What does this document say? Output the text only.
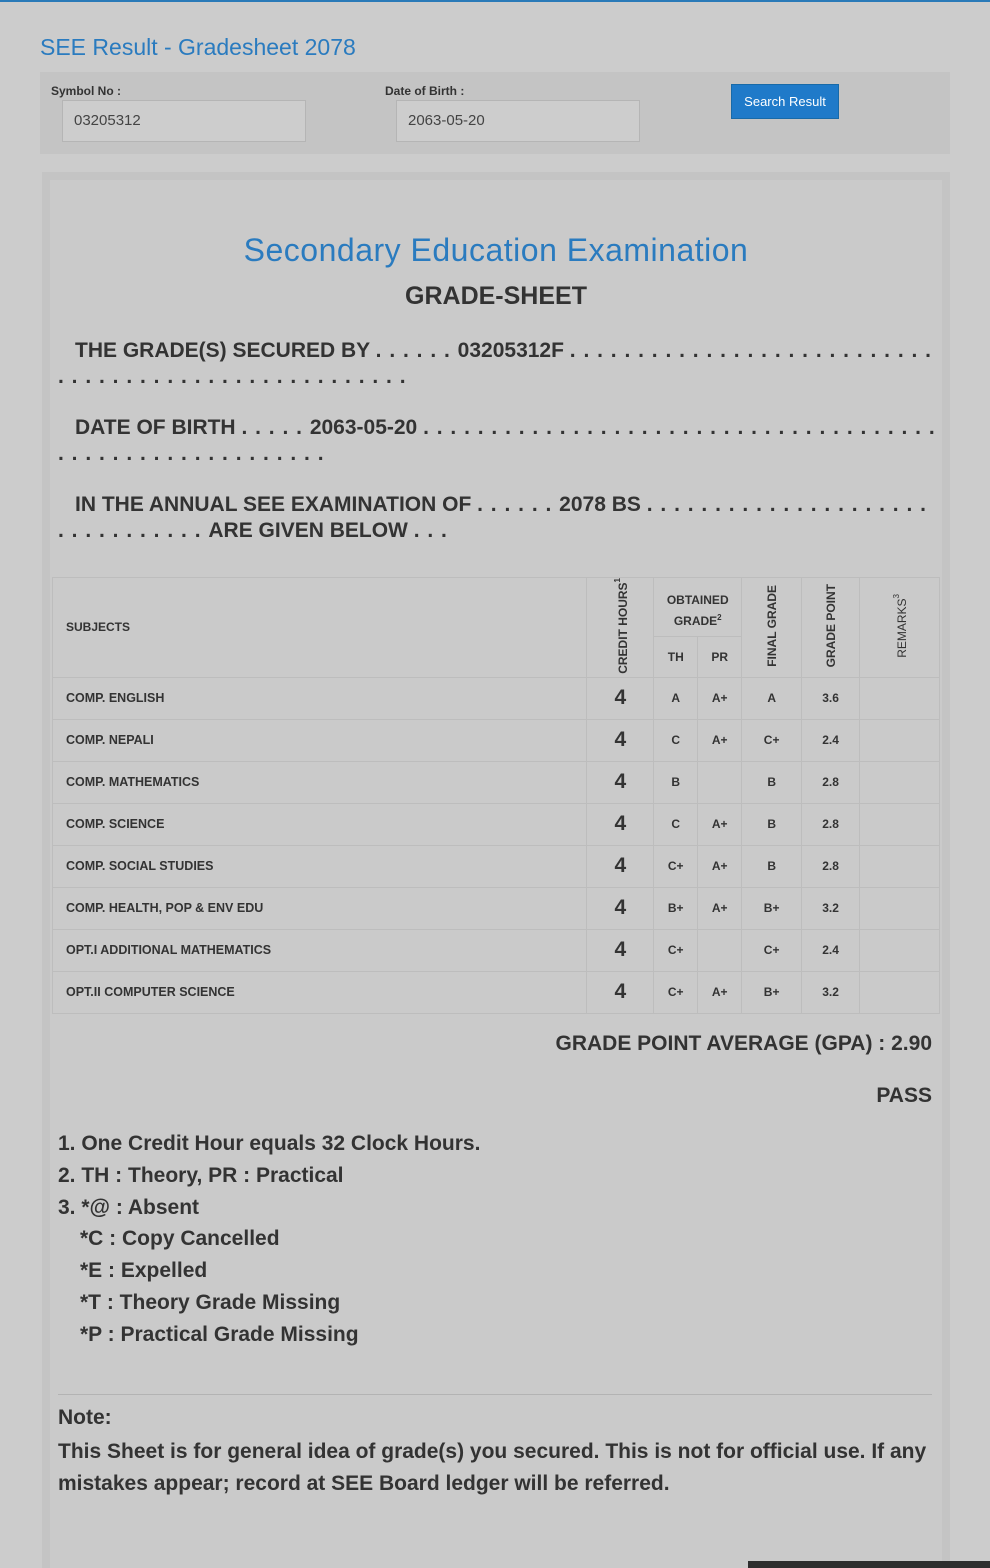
SEE Result - Gradesheet 2078
Symbol No :
03205312
Date of Birth :
2063-05-20
Search Result
Secondary Education Examination
GRADE-SHEET
THE GRADE(S) SECURED BY . . . . . . 03205312F . . . . . . . . . . . . . . . . . . . . . . . . . . . . . . . . . . . . . . . . . . . . . . . . . . . . .
DATE OF BIRTH . . . . . 2063-05-20 . . . . . . . . . . . . . . . . . . . . . . . . . . . . . . . . . . . . . . . . . . . . . . . . . . . . . . . . . .
IN THE ANNUAL SEE EXAMINATION OF . . . . . . 2078 BS . . . . . . . . . . . . . . . . . . . . . . . . . . . . . . . . ARE GIVEN BELOW . . .
SUBJECTS	CREDIT HOURS$^1$	OBTAINED GRADE$^2$		FINAL GRADE	GRADE POINT	REMARKS$^3$
		TH	PR			
COMP. ENGLISH	4	A	A+	A	3.6	
COMP. NEPALI	4	C	A+	C+	2.4	
COMP. MATHEMATICS	4	B		B	2.8	
COMP. SCIENCE	4	C	A+	B	2.8	
COMP. SOCIAL STUDIES	4	C+	A+	B	2.8	
COMP. HEALTH, POP & ENV EDU	4	B+	A+	B+	3.2	
OPT.I ADDITIONAL MATHEMATICS	4	C+		C+	2.4	
OPT.II COMPUTER SCIENCE	4	C+	A+	B+	3.2	
GRADE POINT AVERAGE (GPA) : 2.90
PASS
1. One Credit Hour equals 32 Clock Hours.
2. TH : Theory, PR : Practical
3. *@ : Absent
*C : Copy Cancelled
*E : Expelled
*T : Theory Grade Missing
*P : Practical Grade Missing
Note:
This Sheet is for general idea of grade(s) you secured. This is not for official use. If any mistakes appear; record at SEE Board ledger will be referred.
